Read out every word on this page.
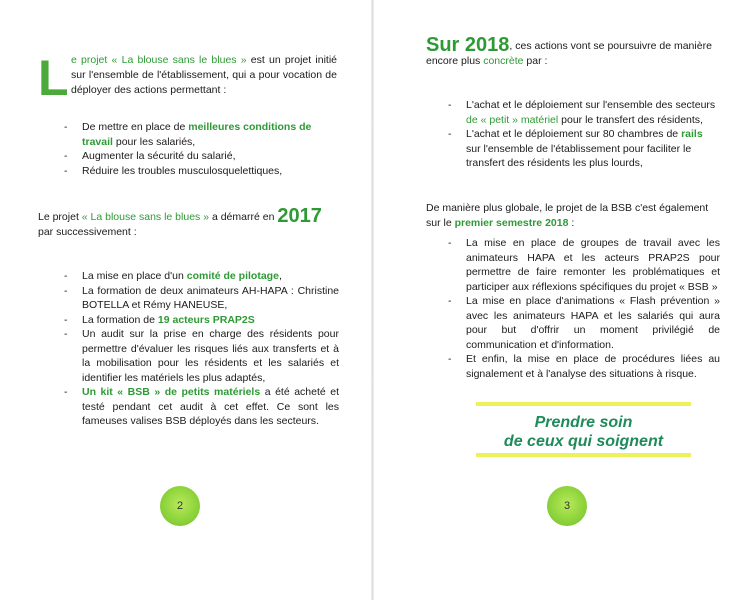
L e projet « La blouse sans le blues » est un projet initié sur l'ensemble de l'établissement, qui a pour vocation de déployer des actions permettant :

- De mettre en place de meilleures conditions de travail pour les salariés,
- Augmenter la sécurité du salarié,
- Réduire les troubles musculosquelettiques,

Le projet « La blouse sans le blues » a démarré en 2017
par successivement :

- La mise en place d'un comité de pilotage,
- La formation de deux animateurs AH-HAPA : Christine BOTELLA et Rémy HANEUSE,
- La formation de 19 acteurs PRAP2S
- Un audit sur la prise en charge des résidents pour permettre d'évaluer les risques liés aux transferts et à la mobilisation pour les résidents et les salariés et identifier les matériels les plus adaptés,
- Un kit « BSB » de petits matériels a été acheté et testé pendant cet audit à cet effet. Ce sont les fameuses valises BSB déployés dans les secteurs.
2

Sur 2018, ces actions vont se poursuivre de manière encore plus concrète par :

- L'achat et le déploiement sur l'ensemble des secteurs de « petit » matériel pour le transfert des résidents,
- L'achat et le déploiement sur 80 chambres de rails sur l'ensemble de l'établissement pour faciliter le transfert des résidents les plus lourds,

De manière plus globale, le projet de la BSB c'est également sur le premier semestre 2018 :

- La mise en place de groupes de travail avec les animateurs HAPA et les acteurs PRAP2S pour permettre de faire remonter les problématiques et participer aux réflexions spécifiques du projet « BSB »
- La mise en place d'animations « Flash prévention » avec les animateurs HAPA et les salariés qui aura pour but d'offrir un moment privilégié de communication et d'information.
- Et enfin, la mise en place de procédures liées au signalement et à l'analyse des situations à risque.
Prendre soin
de ceux qui soignent
3
